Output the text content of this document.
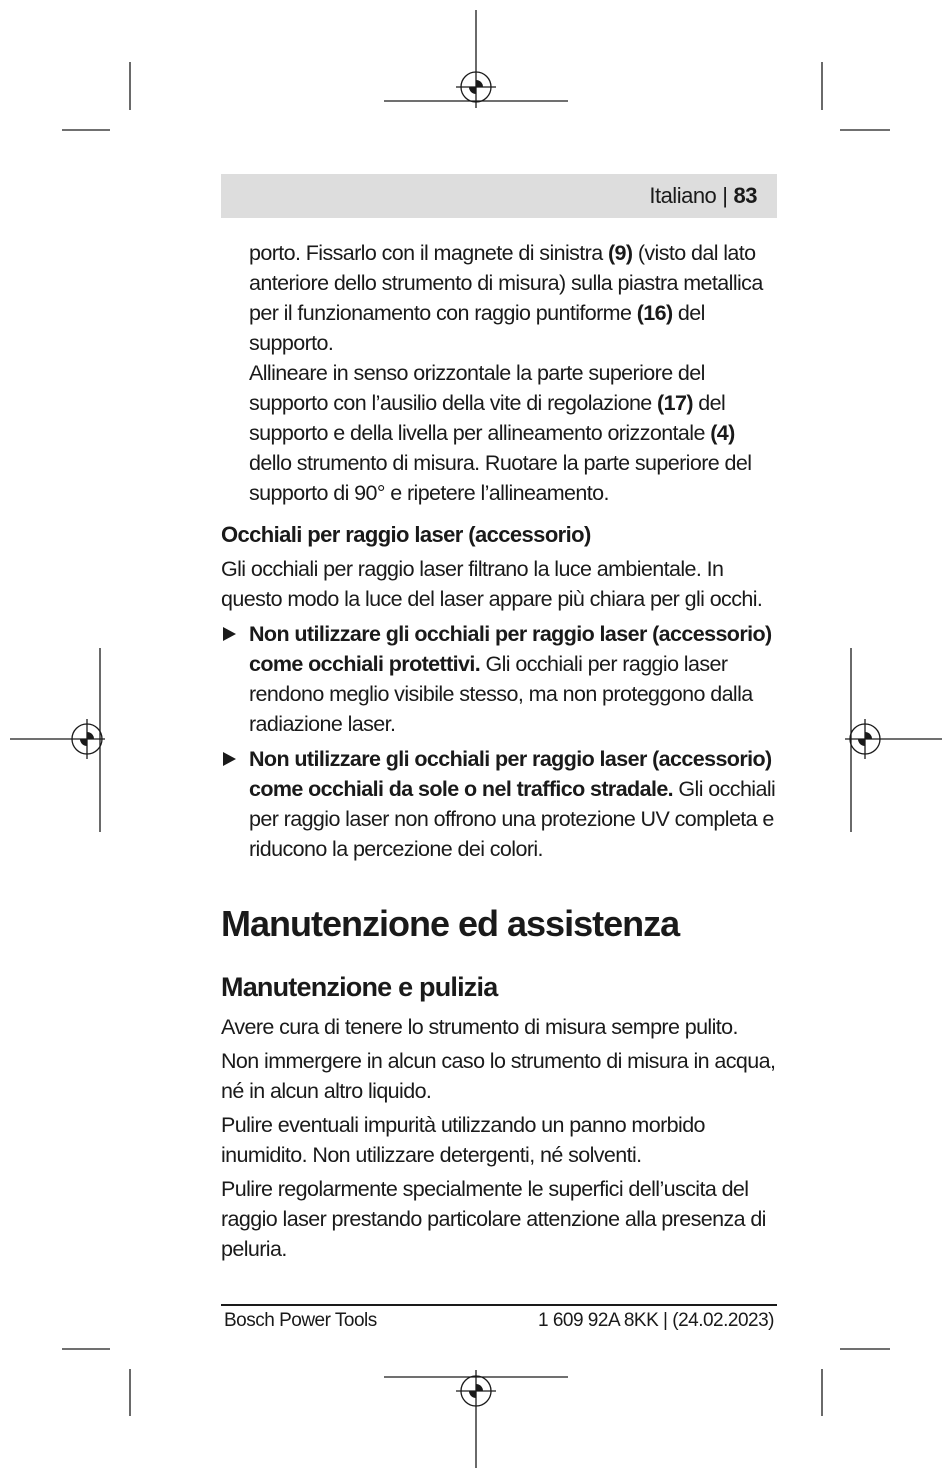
Italiano | 83

porto. Fissarlo con il magnete di sinistra (9) (visto dal lato anteriore dello strumento di misura) sulla piastra metallica per il funzionamento con raggio puntiforme (16) del supporto.

Allineare in senso orizzontale la parte superiore del supporto con l’ausilio della vite di regolazione (17) del supporto e della livella per allineamento orizzontale (4) dello strumento di misura. Ruotare la parte superiore del supporto di 90° e ripetere l’allineamento.

Occhiali per raggio laser (accessorio)

Gli occhiali per raggio laser filtrano la luce ambientale. In questo modo la luce del laser appare più chiara per gli occhi.

Non utilizzare gli occhiali per raggio laser (accessorio) come occhiali protettivi. Gli occhiali per raggio laser rendono meglio visibile stesso, ma non proteggono dalla radiazione laser.

Non utilizzare gli occhiali per raggio laser (accessorio) come occhiali da sole o nel traffico stradale. Gli occhiali per raggio laser non offrono una protezione UV completa e riducono la percezione dei colori.

Manutenzione ed assistenza
Manutenzione e pulizia

Avere cura di tenere lo strumento di misura sempre pulito.

Non immergere in alcun caso lo strumento di misura in acqua, né in alcun altro liquido.

Pulire eventuali impurità utilizzando un panno morbido inumidito. Non utilizzare detergenti, né solventi.

Pulire regolarmente specialmente le superfici dell’uscita del raggio laser prestando particolare attenzione alla presenza di peluria.

Bosch Power Tools	1 609 92A 8KK | (24.02.2023)
